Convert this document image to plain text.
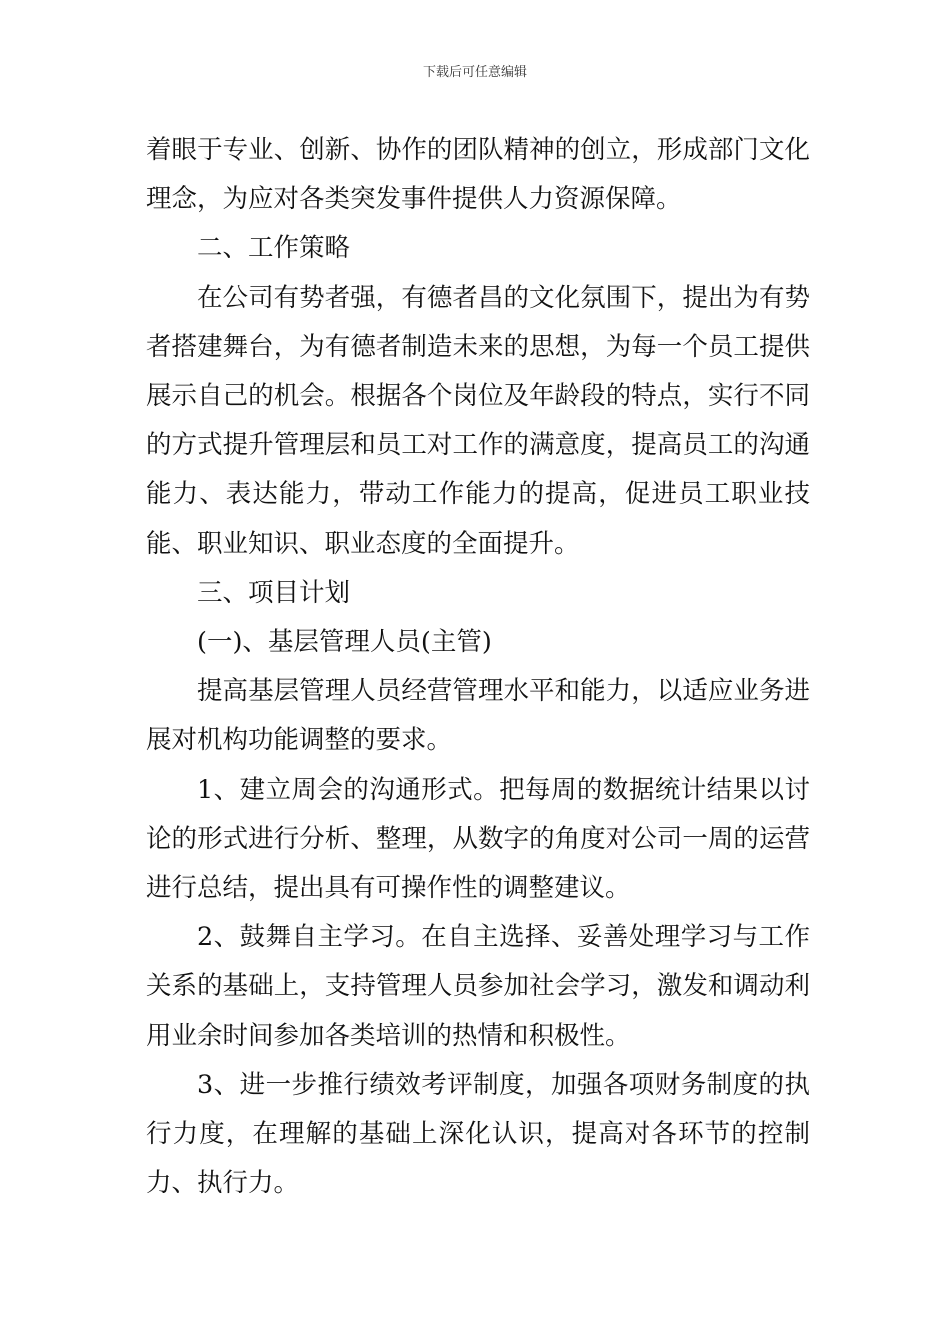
下载后可任意编辑

着眼于专业、创新、协作的团队精神的创立，形成部门文化理念，为应对各类突发事件提供人力资源保障。

二、工作策略

在公司有势者强，有德者昌的文化氛围下，提出为有势者搭建舞台，为有德者制造未来的思想，为每一个员工提供展示自己的机会。根据各个岗位及年龄段的特点，实行不同的方式提升管理层和员工对工作的满意度，提高员工的沟通能力、表达能力，带动工作能力的提高，促进员工职业技能、职业知识、职业态度的全面提升。

三、项目计划

(一)、基层管理人员(主管)

提高基层管理人员经营管理水平和能力，以适应业务进展对机构功能调整的要求。

1、建立周会的沟通形式。把每周的数据统计结果以讨论的形式进行分析、整理，从数字的角度对公司一周的运营进行总结，提出具有可操作性的调整建议。

2、鼓舞自主学习。在自主选择、妥善处理学习与工作关系的基础上，支持管理人员参加社会学习，激发和调动利用业余时间参加各类培训的热情和积极性。

3、进一步推行绩效考评制度，加强各项财务制度的执行力度，在理解的基础上深化认识，提高对各环节的控制力、执行力。
